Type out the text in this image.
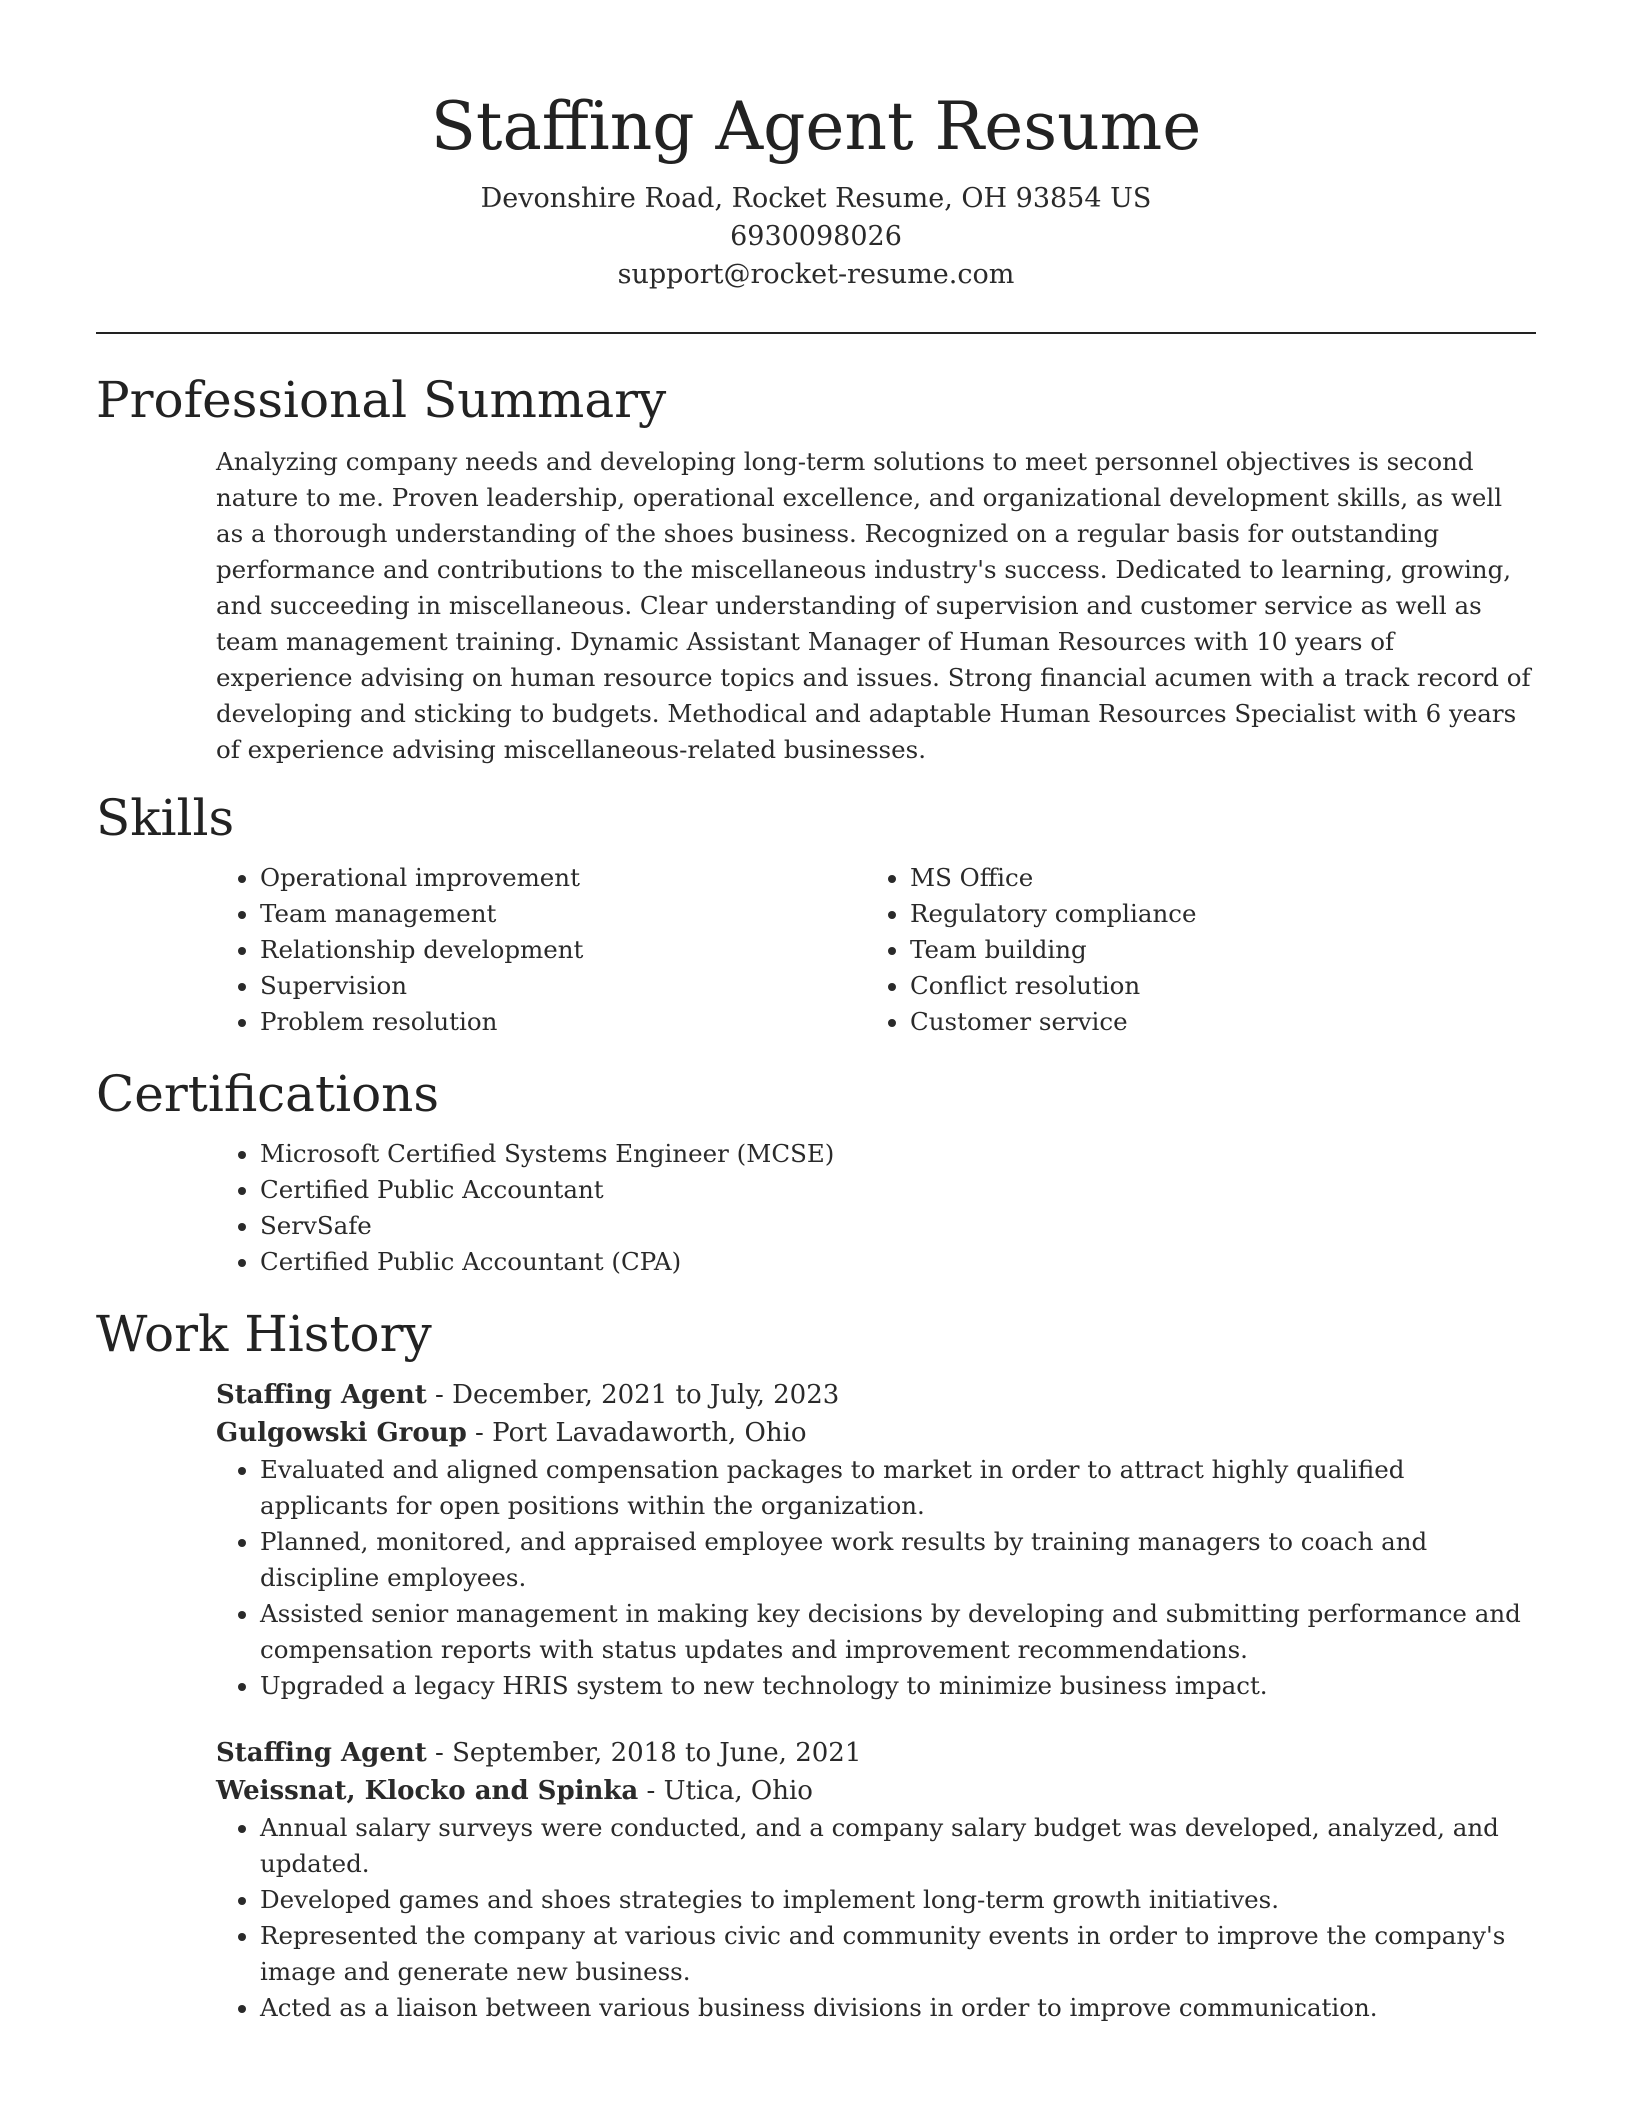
Staffing Agent Resume
Devonshire Road, Rocket Resume, OH 93854 US
6930098026
support@rocket-resume.com
Professional Summary

Analyzing company needs and developing long-term solutions to meet personnel objectives is second nature to me. Proven leadership, operational excellence, and organizational development skills, as well as a thorough understanding of the shoes business. Recognized on a regular basis for outstanding performance and contributions to the miscellaneous industry's success. Dedicated to learning, growing, and succeeding in miscellaneous. Clear understanding of supervision and customer service as well as team management training. Dynamic Assistant Manager of Human Resources with 10 years of experience advising on human resource topics and issues. Strong financial acumen with a track record of developing and sticking to budgets. Methodical and adaptable Human Resources Specialist with 6 years of experience advising miscellaneous-related businesses.

Skills
• Operational improvement
• Team management
• Relationship development
• Supervision
• Problem resolution
• MS Office
• Regulatory compliance
• Team building
• Conflict resolution
• Customer service
Certifications
• Microsoft Certified Systems Engineer (MCSE)
• Certified Public Accountant
• ServSafe
• Certified Public Accountant (CPA)
Work History
Staffing Agent - December, 2021 to July, 2023
Gulgowski Group - Port Lavadaworth, Ohio
• Evaluated and aligned compensation packages to market in order to attract highly qualified applicants for open positions within the organization.
• Planned, monitored, and appraised employee work results by training managers to coach and discipline employees.
• Assisted senior management in making key decisions by developing and submitting performance and compensation reports with status updates and improvement recommendations.
• Upgraded a legacy HRIS system to new technology to minimize business impact.
Staffing Agent - September, 2018 to June, 2021
Weissnat, Klocko and Spinka - Utica, Ohio
• Annual salary surveys were conducted, and a company salary budget was developed, analyzed, and updated.
• Developed games and shoes strategies to implement long-term growth initiatives.
• Represented the company at various civic and community events in order to improve the company's image and generate new business.
• Acted as a liaison between various business divisions in order to improve communication.
